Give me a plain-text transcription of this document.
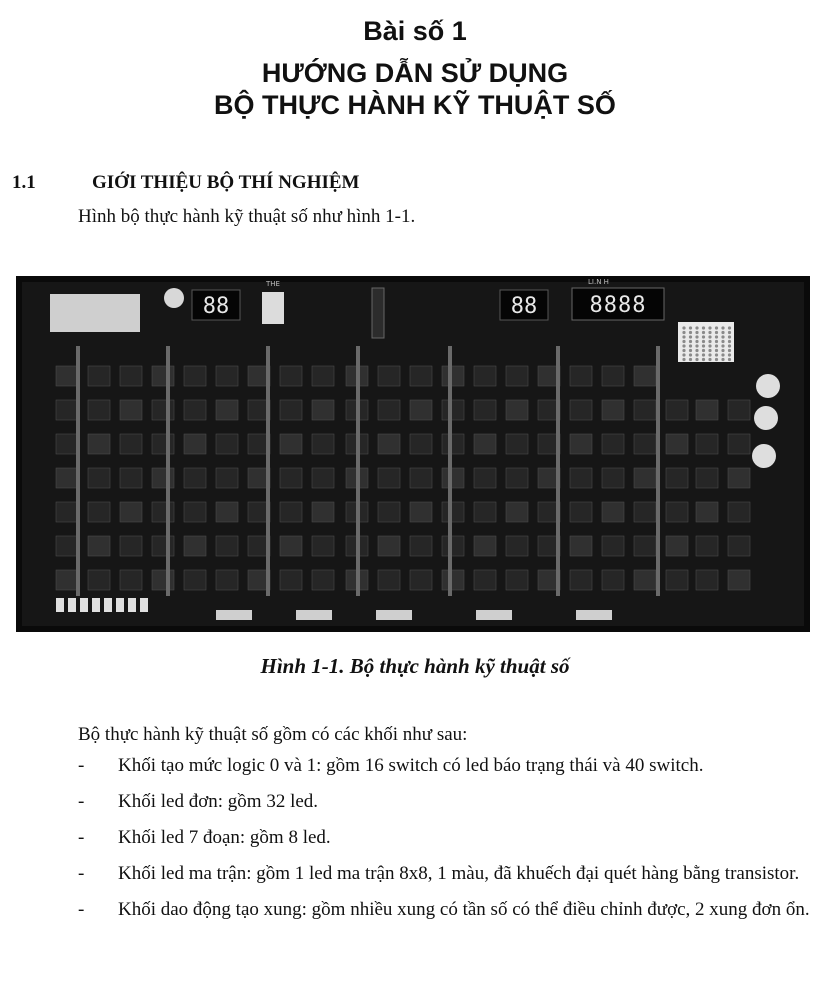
Bài số 1
HƯỚNG DẪN SỬ DỤNG
BỘ THỰC HÀNH KỸ THUẬT SỐ
1.1	GIỚI THIỆU BỘ THÍ NGHIỆM
Hình bộ thực hành kỹ thuật số như hình 1-1.
88
THE
88
LI.N H
8888
Hình 1-1. Bộ thực hành kỹ thuật số
Bộ thực hành kỹ thuật số gồm có các khối như sau:
- Khối tạo mức logic 0 và 1: gồm 16 switch có led báo trạng thái và 40 switch.
- Khối led đơn: gồm 32 led.
- Khối led 7 đoạn: gồm 8 led.
- Khối led ma trận: gồm 1 led ma trận 8x8, 1 màu, đã khuếch đại quét hàng bằng transistor.
- Khối dao động tạo xung: gồm nhiều xung có tần số có thể điều chỉnh được, 2 xung đơn ổn.
